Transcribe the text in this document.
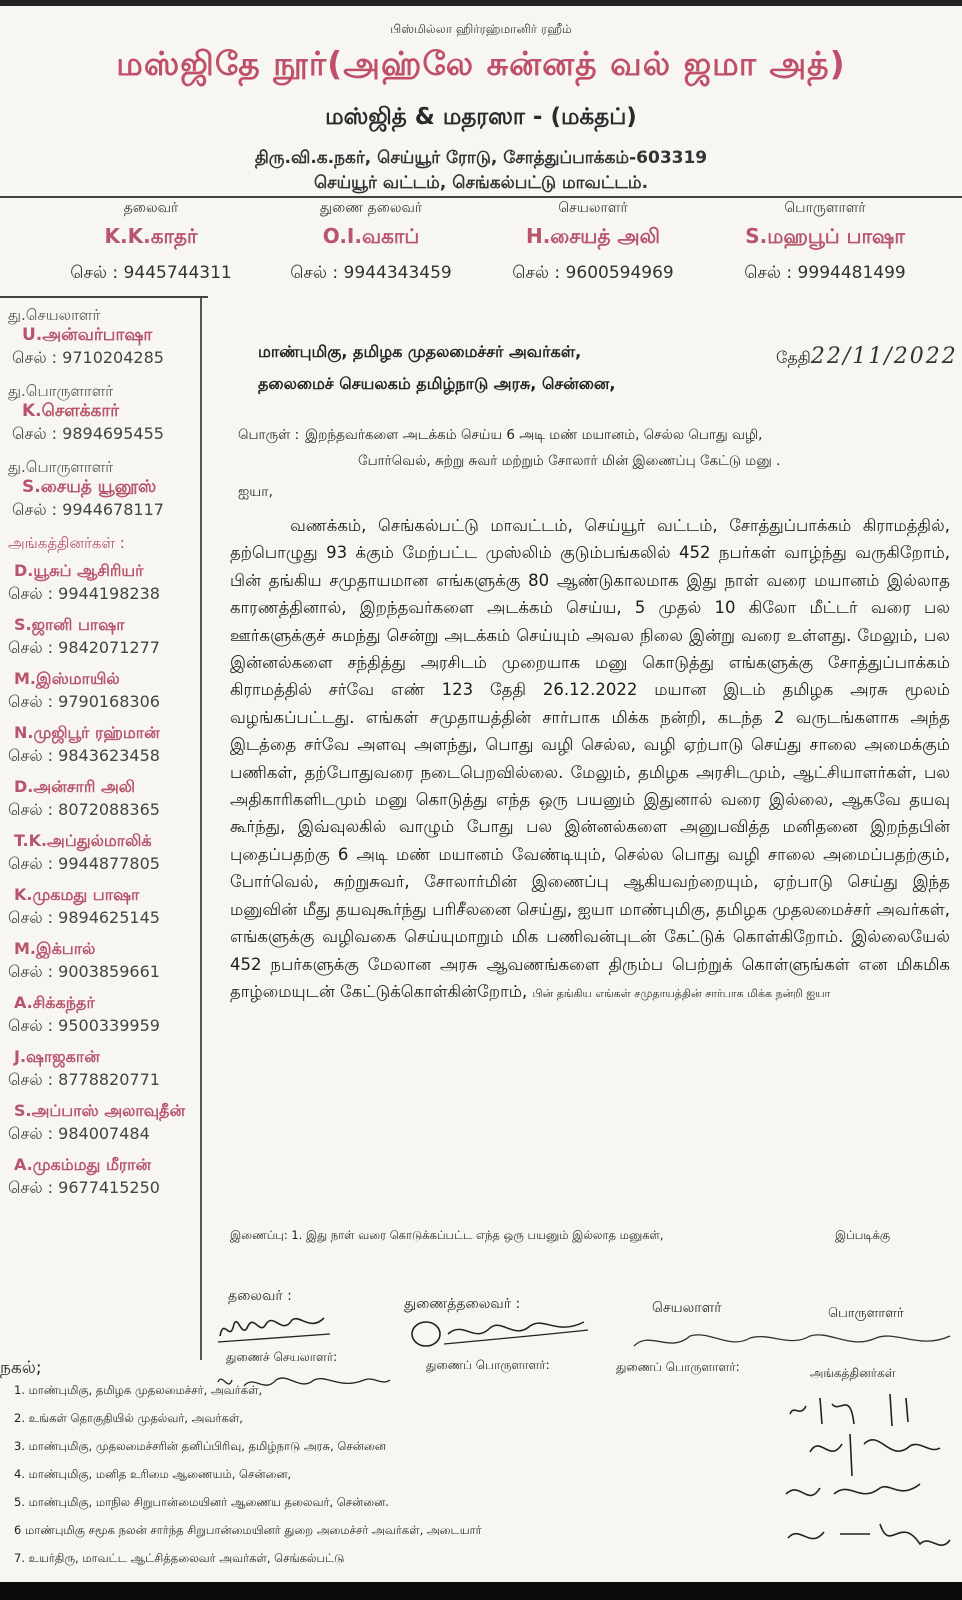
பிஸ்மில்லா ஹிர்ரஹ்மானிர் ரஹீம்
மஸ்ஜிதே நூர்(அஹ்லே சுன்னத் வல் ஜமா அத்)
மஸ்ஜித் & மதரஸா - (மக்தப்)
திரு.வி.க.நகர், செய்யூர் ரோடு, சோத்துப்பாக்கம்-603319
செய்யூர் வட்டம், செங்கல்பட்டு மாவட்டம்.
தலைவர்
K.K.காதர்
செல் : 9445744311
துணை தலைவர்
O.I.வகாப்
செல் : 9944343459
செயலாளர்
H.சையத் அலி
செல் : 9600594969
பொருளாளர்
S.மஹபூப் பாஷா
செல் : 9994481499
து.செயலாளர்
U.அன்வர்பாஷா
செல் : 9710204285
து.பொருளாளர்
K.சௌக்கார்
செல் : 9894695455
து.பொருளாளர்
S.சையத் யூனூஸ்
செல் : 9944678117
அங்கத்தினர்கள் :
D.யூசுப் ஆசிரியர்
செல் : 9944198238
S.ஜானி பாஷா
செல் : 9842071277
M.இஸ்மாயில்
செல் : 9790168306
N.முஜிபூர் ரஹ்மான்
செல் : 9843623458
D.அன்சாரி அலி
செல் : 8072088365
T.K.அப்துல்மாலிக்
செல் : 9944877805
K.முகமது பாஷா
செல் : 9894625145
M.இக்பால்
செல் : 9003859661
A.சிக்கந்தர்
செல் : 9500339959
J.ஷாஜகான்
செல் : 8778820771
S.அப்பாஸ் அலாவுதீன்
செல் : 984007484
A.முகம்மது மீரான்
செல் : 9677415250
மாண்புமிகு, தமிழக முதலமைச்சர் அவர்கள்,
தலைமைச் செயலகம் தமிழ்நாடு அரசு, சென்னை,
தேதி22/11/2022
பொருள் : இறந்தவர்களை அடக்கம் செய்ய 6 அடி மண் மயானம், செல்ல பொது வழி,
போர்வெல், சுற்று சுவர் மற்றும் சோலார் மின் இணைப்பு கேட்டு மனு .
ஐயா,
வணக்கம், செங்கல்பட்டு மாவட்டம், செய்யூர் வட்டம், சோத்துப்பாக்கம் கிராமத்தில், தற்பொழுது 93 க்கும் மேற்பட்ட முஸ்லிம் குடும்பங்கலில் 452 நபர்கள் வாழ்ந்து வருகிறோம், பின் தங்கிய சமுதாயமான எங்களுக்கு 80 ஆண்டுகாலமாக இது நாள் வரை மயானம் இல்லாத காரணத்தினால், இறந்தவர்களை அடக்கம் செய்ய, 5 முதல் 10 கிலோ மீட்டர் வரை பல ஊர்களுக்குச் சுமந்து சென்று அடக்கம் செய்யும் அவல நிலை இன்று வரை உள்ளது. மேலும், பல இன்னல்களை சந்தித்து அரசிடம் முறையாக மனு கொடுத்து எங்களுக்கு சோத்துப்பாக்கம் கிராமத்தில் சர்வே எண் 123 தேதி 26.12.2022 மயான இடம் தமிழக அரசு மூலம் வழங்கப்பட்டது. எங்கள் சமுதாயத்தின் சார்பாக மிக்க நன்றி, கடந்த 2 வருடங்களாக அந்த இடத்தை சர்வே அளவு அளந்து, பொது வழி செல்ல, வழி ஏற்பாடு செய்து சாலை அமைக்கும் பணிகள், தற்போதுவரை நடைபெறவில்லை. மேலும், தமிழக அரசிடமும், ஆட்சியாளர்கள், பல அதிகாரிகளிடமும் மனு கொடுத்து எந்த ஒரு பயனும் இதுனால் வரை இல்லை, ஆகவே தயவு கூர்ந்து, இவ்வுலகில் வாழும் போது பல இன்னல்களை அனுபவித்த மனிதனை இறந்தபின் புதைப்பதற்கு 6 அடி மண் மயானம் வேண்டியும், செல்ல பொது வழி சாலை அமைப்பதற்கும், போர்வெல், சுற்றுசுவர், சோலார்மின் இணைப்பு ஆகியவற்றையும், ஏற்பாடு செய்து இந்த மனுவின் மீது தயவுகூர்ந்து பரிசீலனை செய்து, ஐயா மாண்புமிகு, தமிழக முதலமைச்சர் அவர்கள், எங்களுக்கு வழிவகை செய்யுமாறும் மிக பணிவன்புடன் கேட்டுக் கொள்கிறோம். இல்லையேல் 452 நபர்களுக்கு மேலான அரசு ஆவணங்களை திரும்ப பெற்றுக் கொள்ளுங்கள் என மிகமிக தாழ்மையுடன் கேட்டுக்கொள்கின்றோம், பின் தங்கிய எங்கள் சமுதாயத்தின் சார்பாக மிக்க நன்றி ஐயா
இணைப்பு: 1. இது நாள் வரை கொடுக்கப்பட்ட எந்த ஒரு பயனும் இல்லாத மனுகள்,	இப்படிக்கு
தலைவர் :	துணைத்தலைவர் :	செயலாளர்	பொருளாளர்
துணைச் செயலாளர்:
துணைப் பொருளாளர்:	துணைப் பொருளாளர்:	அங்கத்தினர்கள்
நகல்;
1. மாண்புமிகு, தமிழக முதலமைச்சர், அவர்கள்,
2. உங்கள் தொகுதியில் முதல்வர், அவர்கள்,
3. மாண்புமிகு, முதலமைச்சரின் தனிப்பிரிவு, தமிழ்நாடு அரசு, சென்னை
4. மாண்புமிகு, மனித உரிமை ஆணையம், சென்னை,
5. மாண்புமிகு, மாநில சிறுபான்மையினர் ஆணைய தலைவர், சென்னை.
6 மாண்புமிகு சமூக நலன் சார்ந்த சிறுபான்மையினர் துறை அமைச்சர் அவர்கள், அடையார்
7. உயர்திரு, மாவட்ட ஆட்சித்தலைவர் அவர்கள், செங்கல்பட்டு
